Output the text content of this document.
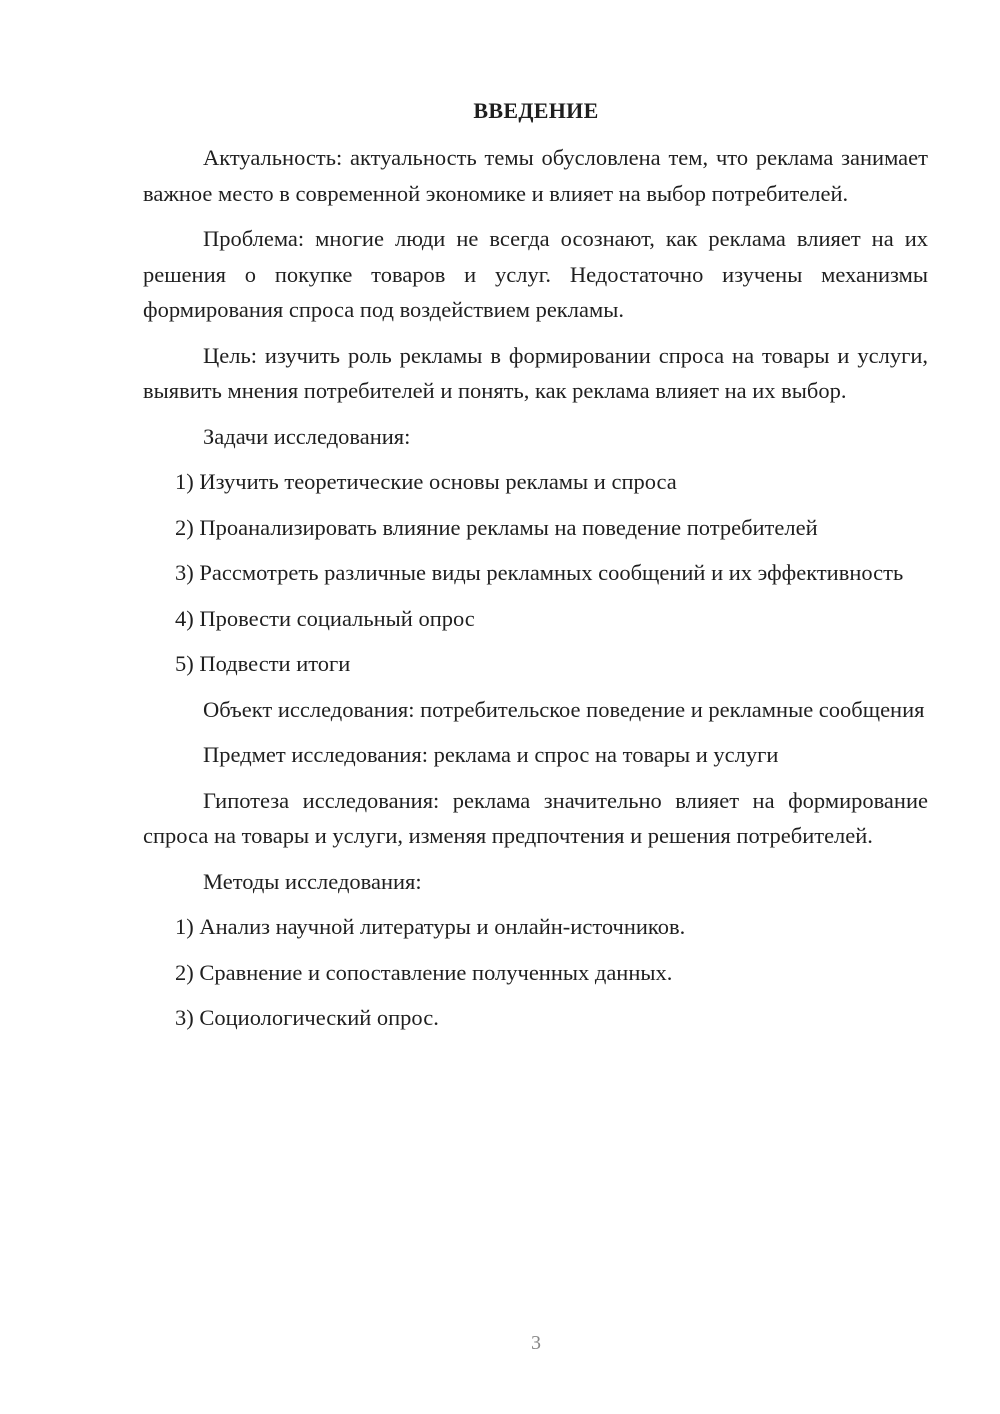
ВВЕДЕНИЕ

Актуальность: актуальность темы обусловлена тем, что реклама занимает важное место в современной экономике и влияет на выбор потребителей.

Проблема: многие люди не всегда осознают, как реклама влияет на их решения о покупке товаров и услуг. Недостаточно изучены механизмы формирования спроса под воздействием рекламы.

Цель: изучить роль рекламы в формировании спроса на товары и услуги, выявить мнения потребителей и понять, как реклама влияет на их выбор.

Задачи исследования:

1) Изучить теоретические основы рекламы и спроса

2) Проанализировать влияние рекламы на поведение потребителей

3) Рассмотреть различные виды рекламных сообщений и их эффективность

4) Провести социальный опрос

5) Подвести итоги

Объект исследования: потребительское поведение и рекламные сообщения

Предмет исследования: реклама и спрос на товары и услуги

Гипотеза исследования: реклама значительно влияет на формирование спроса на товары и услуги, изменяя предпочтения и решения потребителей.

Методы исследования:

1) Анализ научной литературы и онлайн-источников.

2) Сравнение и сопоставление полученных данных.

3) Социологический опрос.

3
